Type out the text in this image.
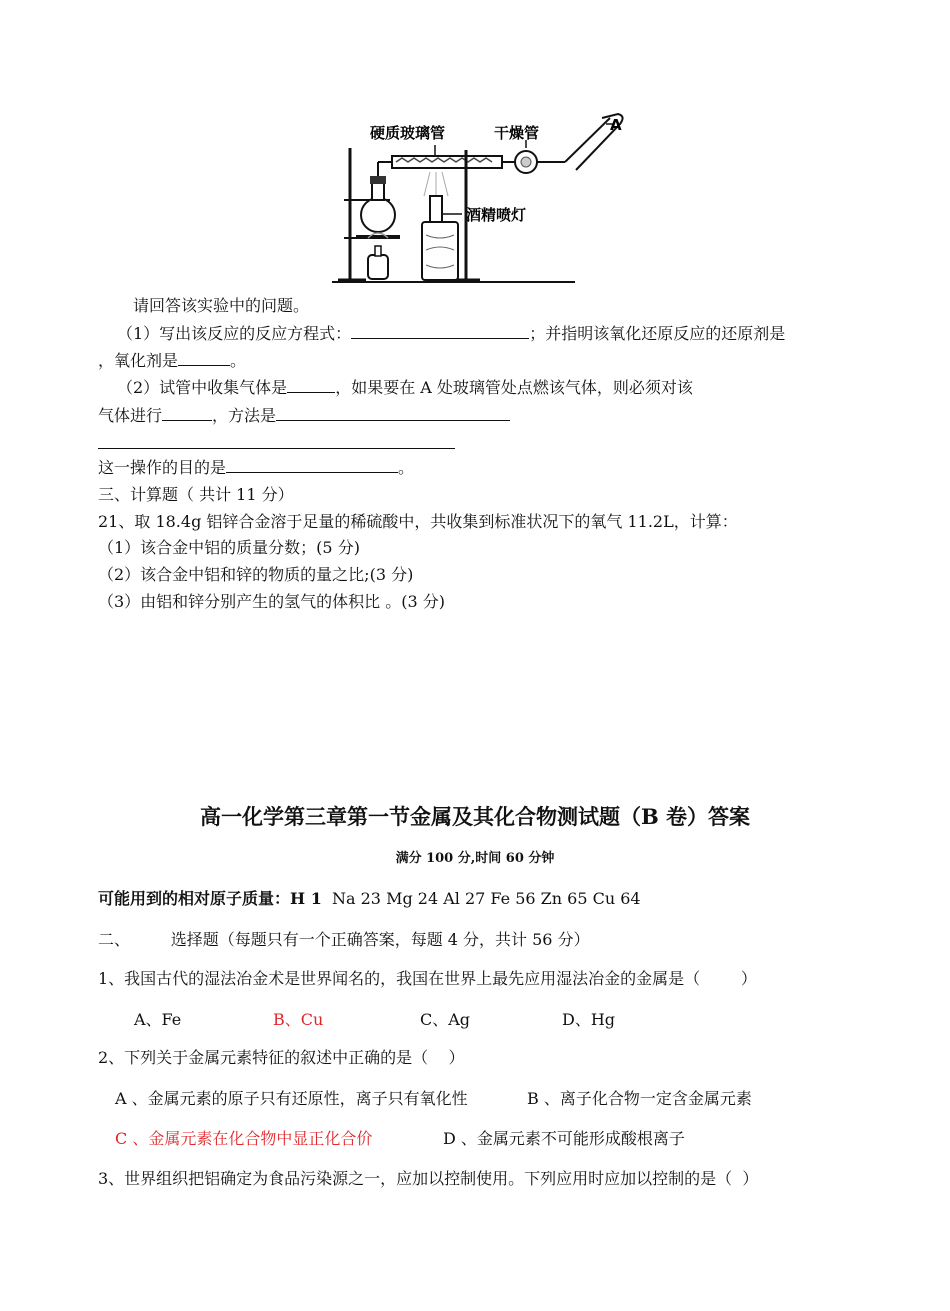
硬质玻璃管	干燥管	A
酒精喷灯
请回答该实验中的问题。
（1）写出该反应的反应方程式：	；并指明该氧化还原反应的还原剂是
，氧化剂是	。
（2）试管中收集气体是	，如果要在 A 处玻璃管处点燃该气体，则必须对该
气体进行	，方法是
这一操作的目的是	。
三、计算题（ 共计 11 分）
21、取 18.4g 铝锌合金溶于足量的稀硫酸中，共收集到标准状况下的氧气 11.2L，计算：
（1）该合金中铝的质量分数；(5 分)
（2）该合金中铝和锌的物质的量之比;(3 分)
（3）由铝和锌分别产生的氢气的体积比 。(3 分)
高一化学第三章第一节金属及其化合物测试题（B 卷）答案
满分 100 分,时间 60 分钟
可能用到的相对原子质量：H 1 Na 23 Mg 24 Al 27 Fe 56 Zn 65 Cu 64
二、        选择题（每题只有一个正确答案，每题 4 分，共计 56 分）
1、我国古代的湿法冶金术是世界闻名的，我国在世界上最先应用湿法冶金的金属是（        ）
A、Fe	B、Cu	C、Ag	D、Hg
2、下列关于金属元素特征的叙述中正确的是（    ）
A 、金属元素的原子只有还原性，离子只有氧化性	B 、离子化合物一定含金属元素
C 、金属元素在化合物中显正化合价	D 、金属元素不可能形成酸根离子
3、世界组织把铝确定为食品污染源之一，应加以控制使用。下列应用时应加以控制的是（  ）
